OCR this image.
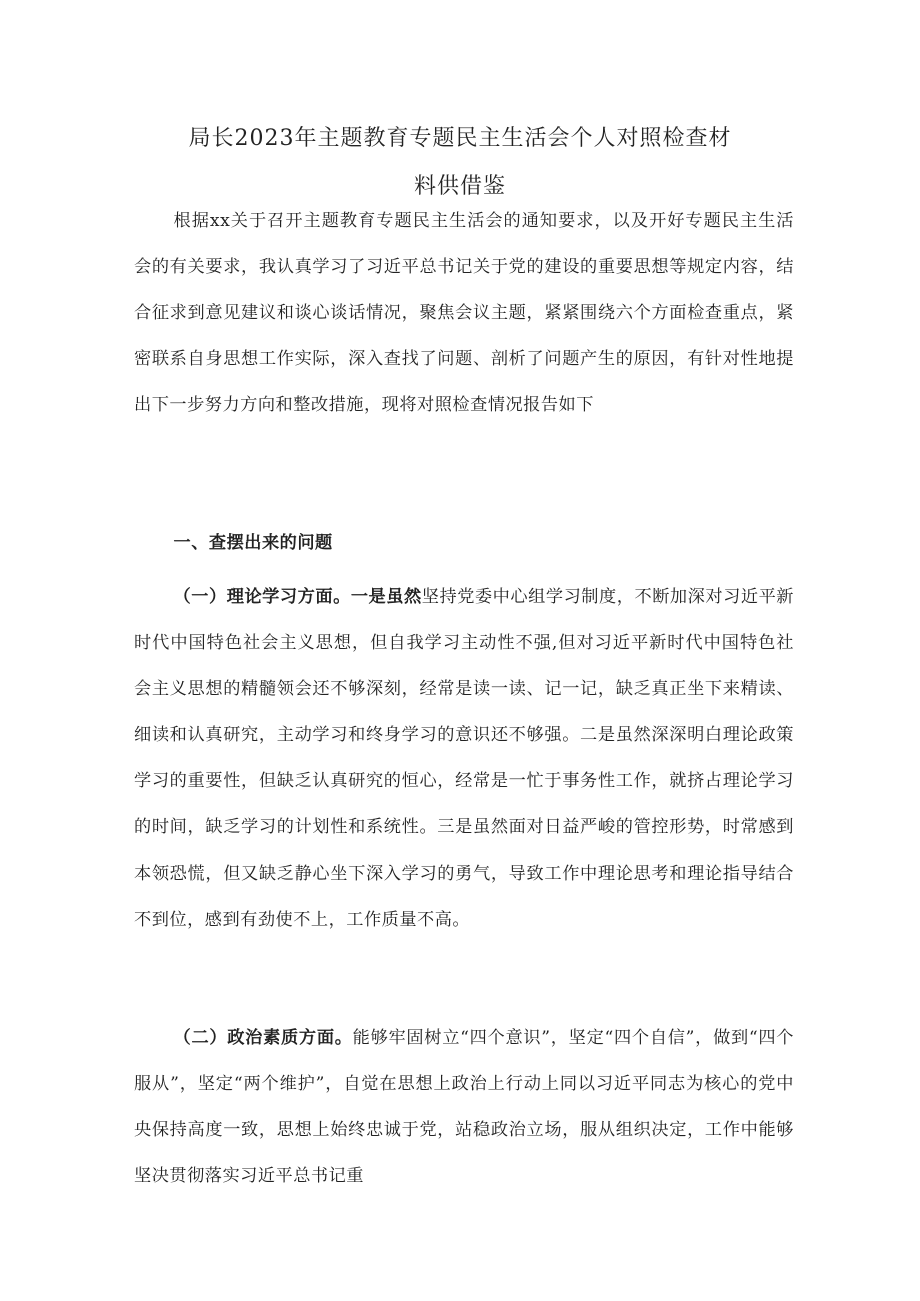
局长2023年主题教育专题民主生活会个人对照检查材
料供借鉴

根据xx关于召开主题教育专题民主生活会的通知要求，以及开好专题民主生活会的有关要求，我认真学习了习近平总书记关于党的建设的重要思想等规定内容，结合征求到意见建议和谈心谈话情况，聚焦会议主题，紧紧围绕六个方面检查重点，紧密联系自身思想工作实际，深入查找了问题、剖析了问题产生的原因，有针对性地提出下一步努力方向和整改措施，现将对照检查情况报告如下

一、查摆出来的问题

（一）理论学习方面。一是虽然坚持党委中心组学习制度，不断加深对习近平新时代中国特色社会主义思想，但自我学习主动性不强,但对习近平新时代中国特色社会主义思想的精髓领会还不够深刻，经常是读一读、记一记，缺乏真正坐下来精读、细读和认真研究，主动学习和终身学习的意识还不够强。二是虽然深深明白理论政策学习的重要性，但缺乏认真研究的恒心，经常是一忙于事务性工作，就挤占理论学习的时间，缺乏学习的计划性和系统性。三是虽然面对日益严峻的管控形势，时常感到本领恐慌，但又缺乏静心坐下深入学习的勇气，导致工作中理论思考和理论指导结合不到位，感到有劲使不上，工作质量不高。

（二）政治素质方面。能够牢固树立“四个意识”，坚定“四个自信”，做到“四个服从”，坚定“两个维护”，自觉在思想上政治上行动上同以习近平同志为核心的党中央保持高度一致，思想上始终忠诚于党，站稳政治立场，服从组织决定，工作中能够坚决贯彻落实习近平总书记重
